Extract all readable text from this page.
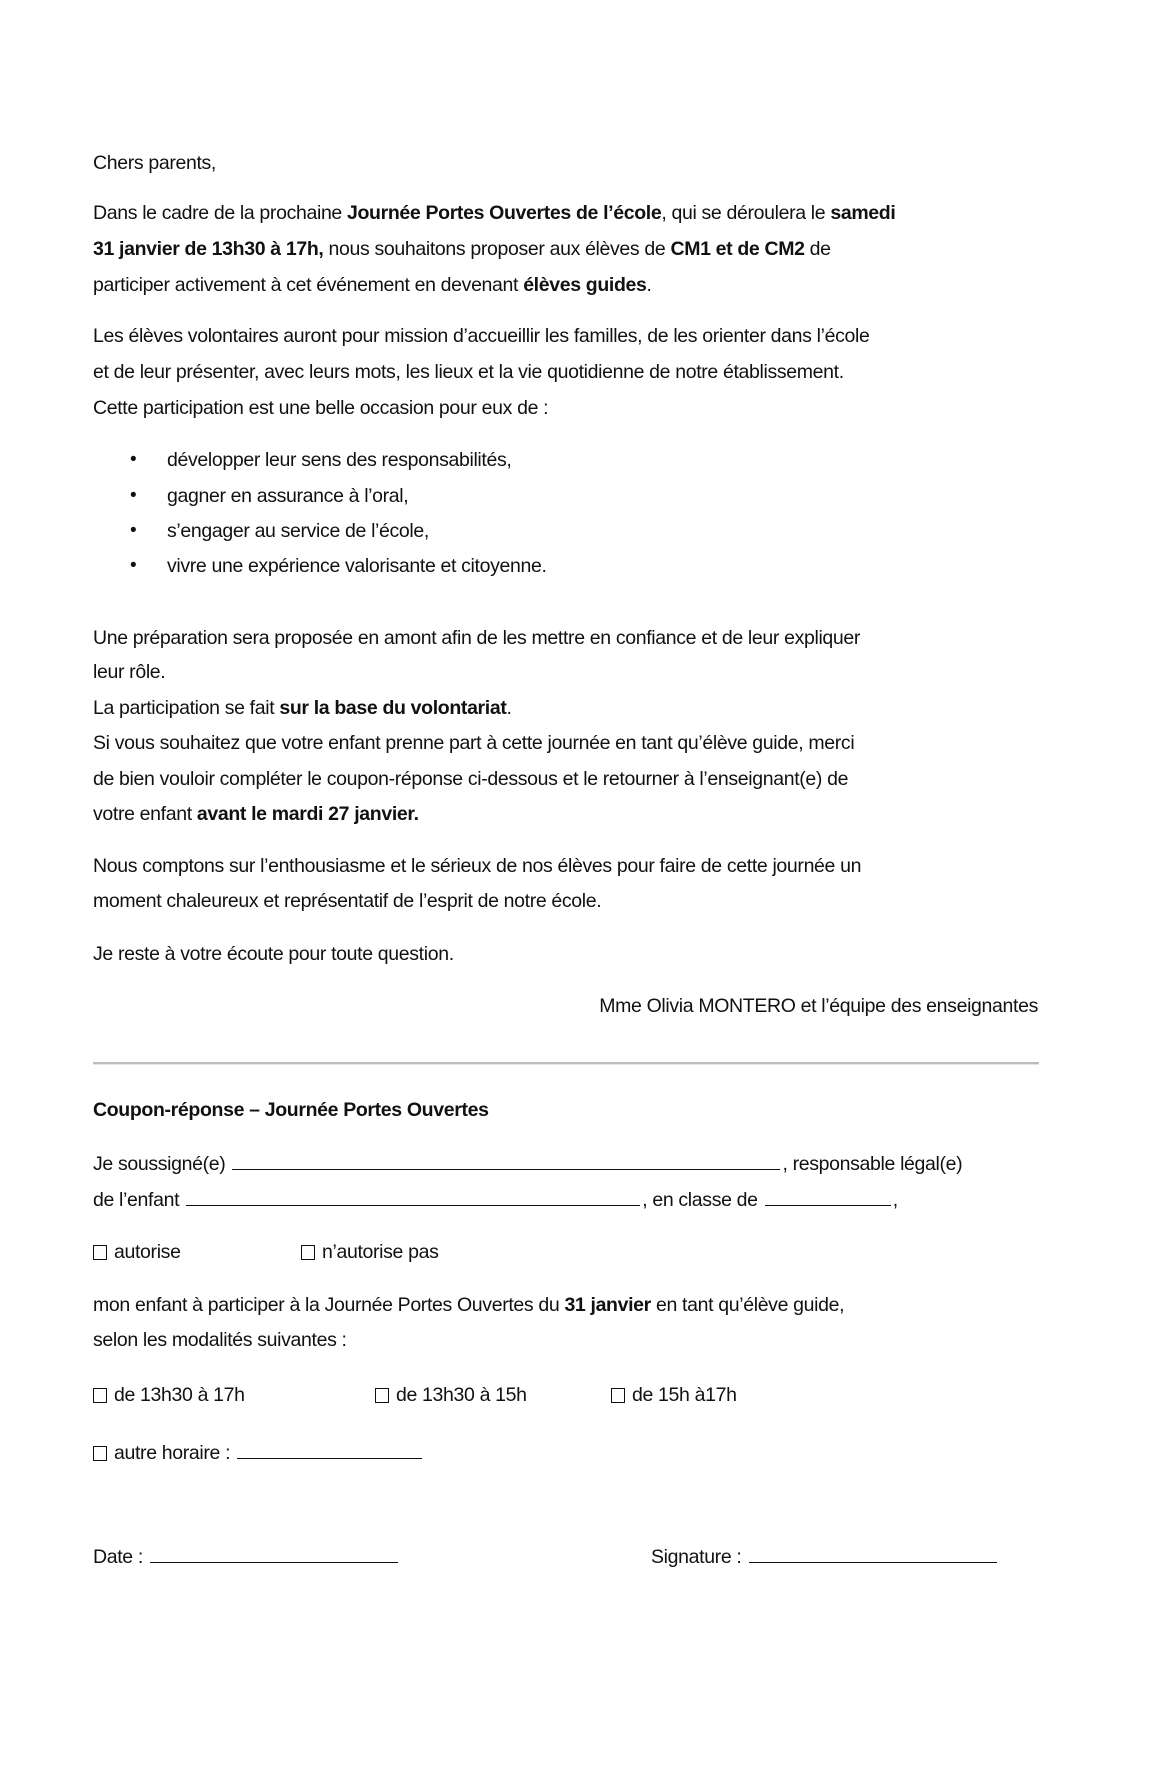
Chers parents,
Dans le cadre de la prochaine Journée Portes Ouvertes de l’école, qui se déroulera le samedi
31 janvier de 13h30 à 17h, nous souhaitons proposer aux élèves de CM1 et de CM2 de
participer activement à cet événement en devenant élèves guides.
Les élèves volontaires auront pour mission d’accueillir les familles, de les orienter dans l’école
et de leur présenter, avec leurs mots, les lieux et la vie quotidienne de notre établissement.
Cette participation est une belle occasion pour eux de :
• développer leur sens des responsabilités,
• gagner en assurance à l’oral,
• s’engager au service de l’école,
• vivre une expérience valorisante et citoyenne.
Une préparation sera proposée en amont afin de les mettre en confiance et de leur expliquer
leur rôle.
La participation se fait sur la base du volontariat.
Si vous souhaitez que votre enfant prenne part à cette journée en tant qu’élève guide, merci
de bien vouloir compléter le coupon-réponse ci-dessous et le retourner à l’enseignant(e) de
votre enfant avant le mardi 27 janvier.
Nous comptons sur l’enthousiasme et le sérieux de nos élèves pour faire de cette journée un
moment chaleureux et représentatif de l’esprit de notre école.
Je reste à votre écoute pour toute question.
Mme Olivia MONTERO et l’équipe des enseignantes
Coupon-réponse – Journée Portes Ouvertes
Je soussigné(e)	, responsable légal(e)
de l’enfant	, en classe de	,
autorise	n’autorise pas
mon enfant à participer à la Journée Portes Ouvertes du 31 janvier en tant qu’élève guide,
selon les modalités suivantes :
de 13h30 à 17h	de 13h30 à 15h	de 15h à17h
autre horaire :
Date :	Signature :
